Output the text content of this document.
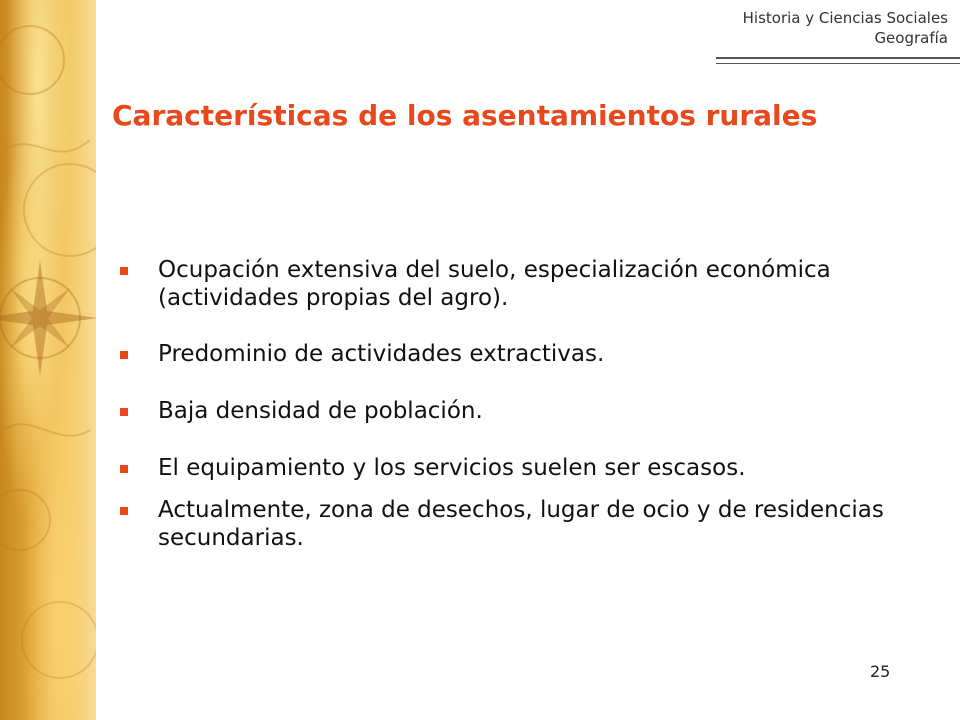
Historia y Ciencias Sociales
Geografía
Características de los asentamientos rurales
Ocupación extensiva del suelo, especialización económica (actividades propias del agro).
Predominio de actividades extractivas.
Baja densidad de población.
El equipamiento y los servicios suelen ser escasos.
Actualmente, zona de desechos, lugar de ocio y de residencias secundarias.
25
